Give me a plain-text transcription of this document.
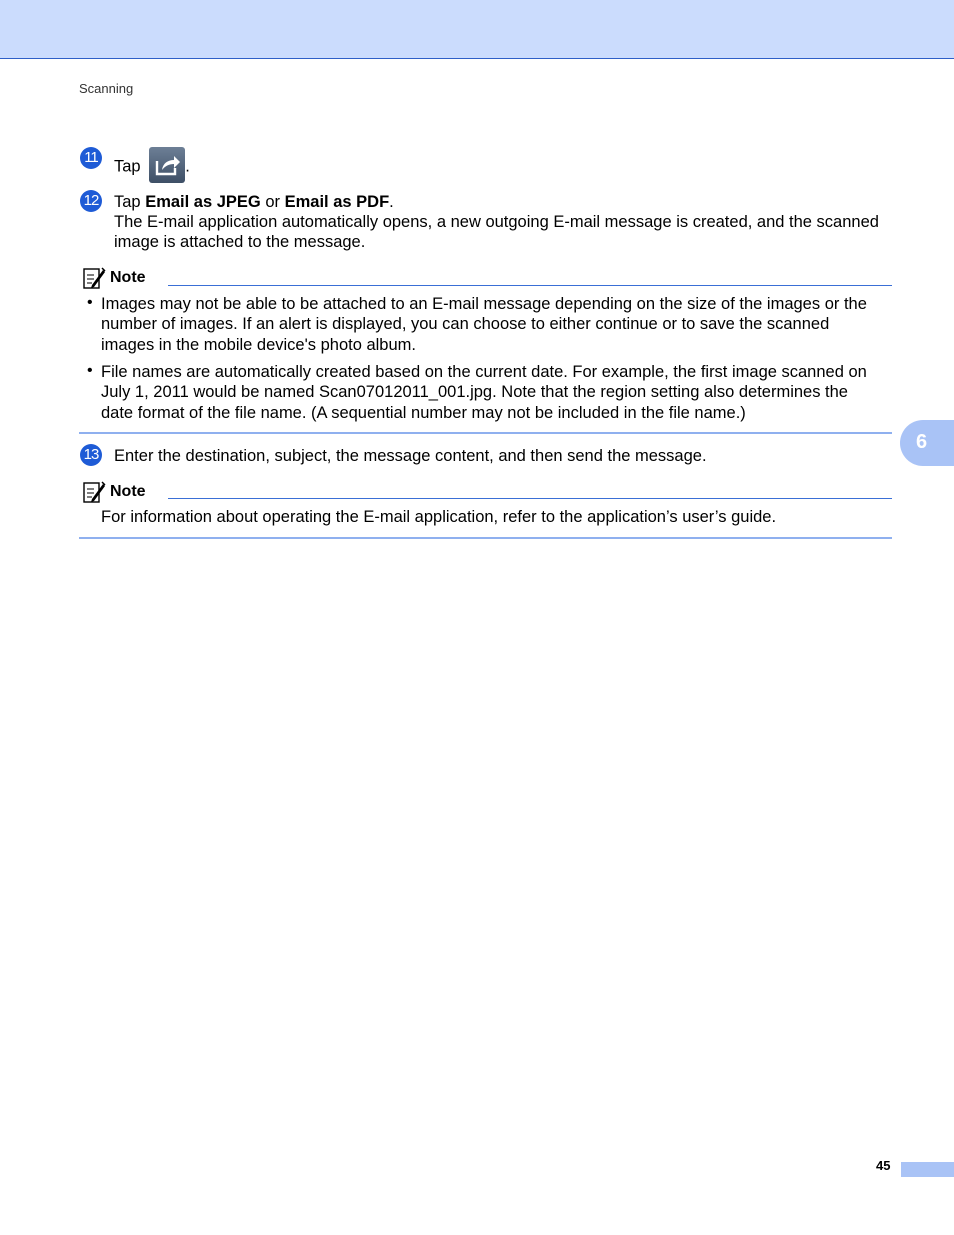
Scanning
11 Tap	.
12 Tap Email as JPEG or Email as PDF.
The E-mail application automatically opens, a new outgoing E-mail message is created, and the scanned
image is attached to the message.
Note
• Images may not be able to be attached to an E-mail message depending on the size of the images or the
number of images. If an alert is displayed, you can choose to either continue or to save the scanned
images in the mobile device's photo album.
• File names are automatically created based on the current date. For example, the first image scanned on
July 1, 2011 would be named Scan07012011_001.jpg. Note that the region setting also determines the
date format of the file name. (A sequential number may not be included in the file name.)
13 Enter the destination, subject, the message content, and then send the message.
Note
For information about operating the E-mail application, refer to the application’s user’s guide.
6
45
